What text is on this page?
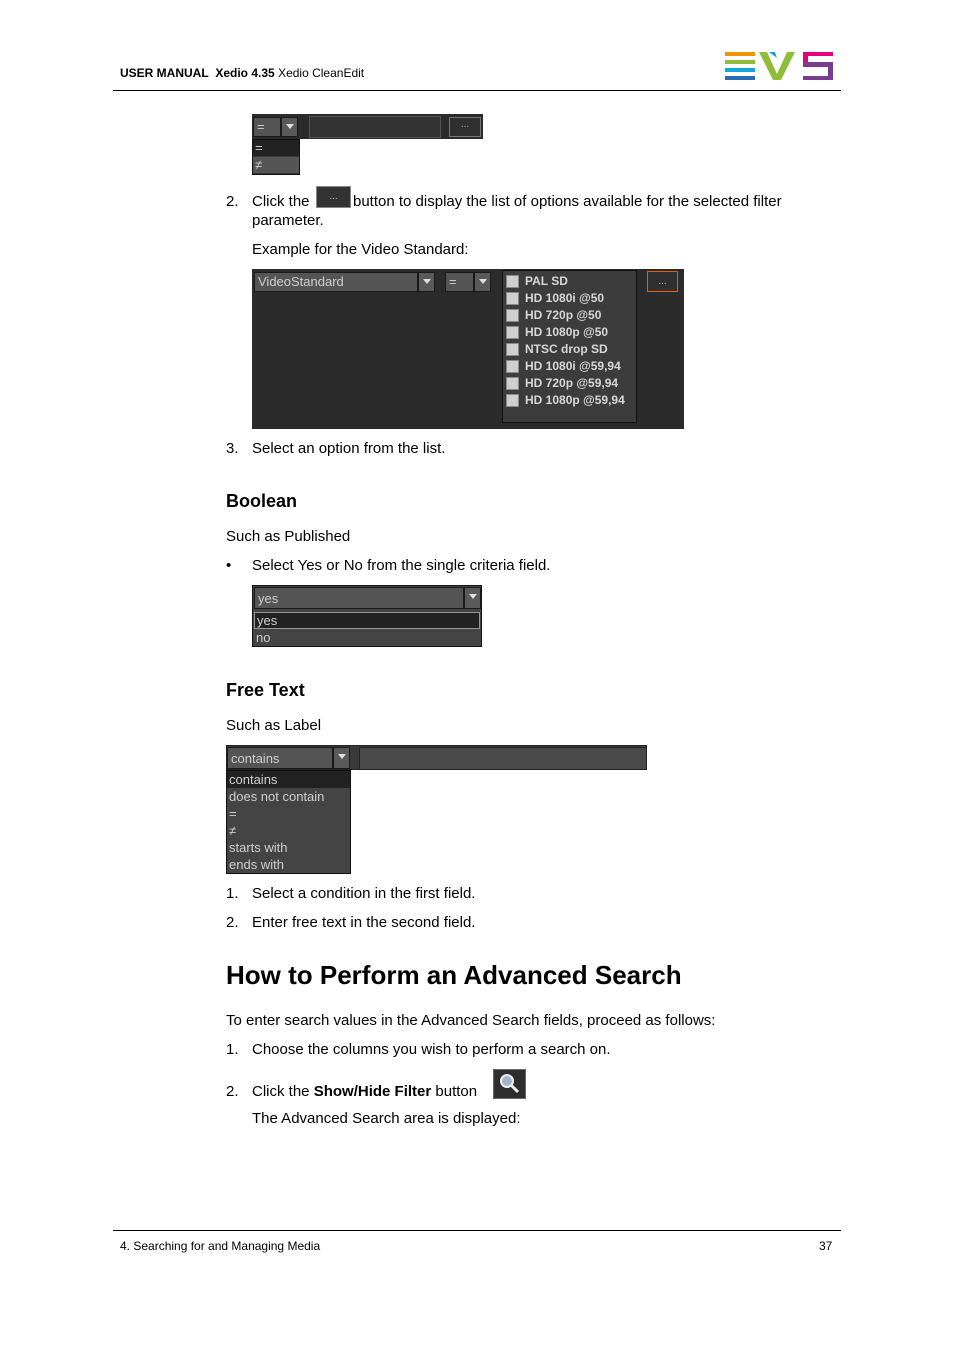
USER MANUAL Xedio 4.35 Xedio CleanEdit
=	...
=
≠
2. Click the	...	button to display the list of options available for the selected filter
parameter.
Example for the Video Standard:
VideoStandard	=	PAL SD
HD 1080i @50
HD 720p @50
HD 1080p @50
NTSC drop SD
HD 1080i @59,94
HD 720p @59,94
HD 1080p @59,94
...
3. Select an option from the list.
Boolean
Such as Published
• Select Yes or No from the single criteria field.
yes
yes
no
Free Text
Such as Label
contains
contains
does not contain
=
≠
starts with
ends with
1. Select a condition in the first field.
2. Enter free text in the second field.
How to Perform an Advanced Search
To enter search values in the Advanced Search fields, proceed as follows:
1. Choose the columns you wish to perform a search on.
2. Click the Show/Hide Filter button
The Advanced Search area is displayed:
4. Searching for and Managing Media	37
